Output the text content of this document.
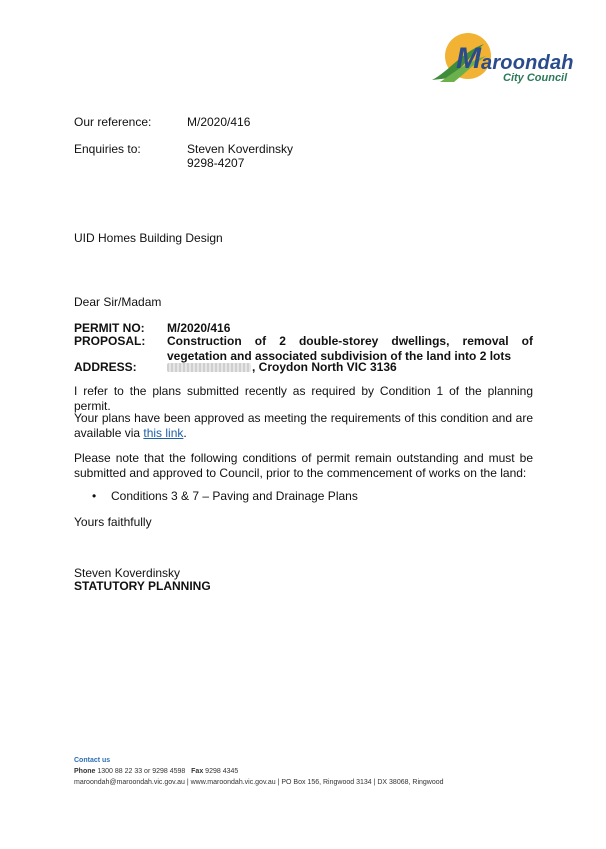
M aroondah
City Council
Our reference:	M/2020/416
Enquiries to:	Steven Koverdinsky
9298-4207
UID Homes Building Design
Dear Sir/Madam
PERMIT NO: M/2020/416
PROPOSAL: Construction of 2 double-storey dwellings, removal of vegetation and associated subdivision of the land into 2 lots
ADDRESS:	, Croydon North VIC 3136
I refer to the plans submitted recently as required by Condition 1 of the planning permit.
Your plans have been approved as meeting the requirements of this condition and are available via this link.
Please note that the following conditions of permit remain outstanding and must be submitted and approved to Council, prior to the commencement of works on the land:
• Conditions 3 & 7 – Paving and Drainage Plans
Yours faithfully
Steven Koverdinsky
STATUTORY PLANNING
Contact us
Phone 1300 88 22 33 or 9298 4598 Fax 9298 4345
maroondah@maroondah.vic.gov.au | www.maroondah.vic.gov.au | PO Box 156, Ringwood 3134 | DX 38068, Ringwood
